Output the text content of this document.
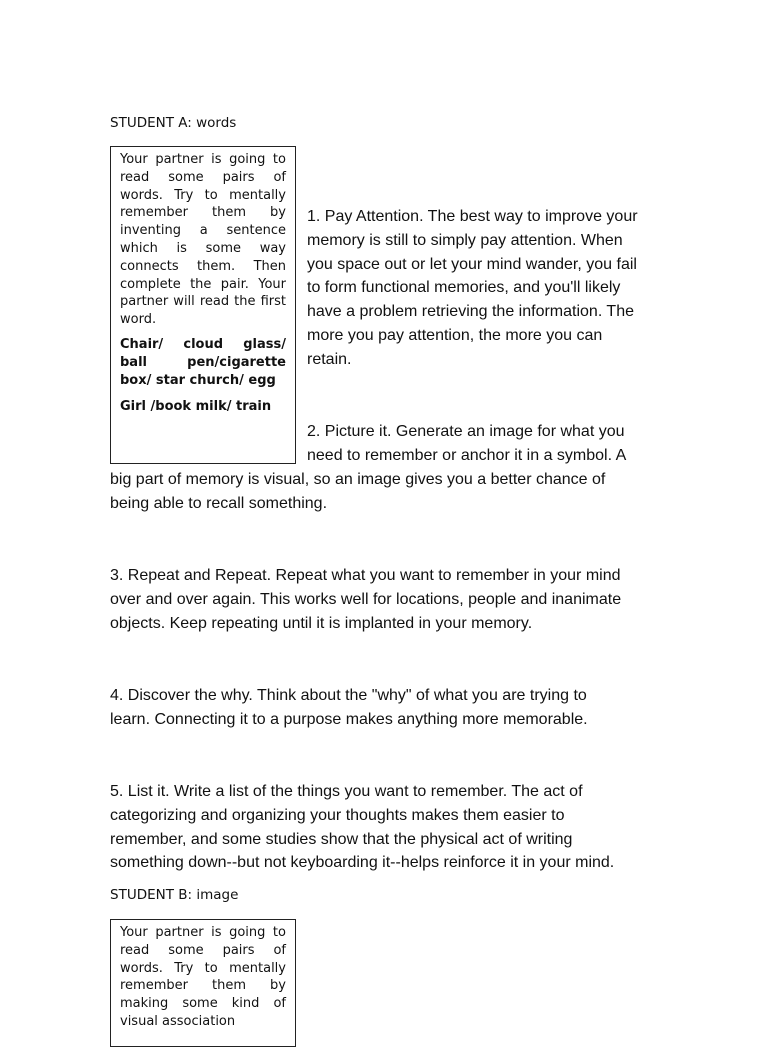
STUDENT A: words

Your partner is going to read some pairs of words. Try to mentally remember them by inventing a sentence which is some way connects them. Then complete the pair. Your partner will read the first word.

Chair/ cloud glass/ ball pen/cigarette box/ star church/ egg

Girl /book milk/ train

1. Pay Attention. The best way to improve your
memory is still to simply pay attention. When
you space out or let your mind wander, you fail
to form functional memories, and you'll likely
have a problem retrieving the information. The
more you pay attention, the more you can
retain.
2. Picture it. Generate an image for what you
need to remember or anchor it in a symbol. A
big part of memory is visual, so an image gives you a better chance of
being able to recall something.
3. Repeat and Repeat. Repeat what you want to remember in your mind
over and over again. This works well for locations, people and inanimate
objects. Keep repeating until it is implanted in your memory.
4. Discover the why. Think about the "why" of what you are trying to
learn. Connecting it to a purpose makes anything more memorable.
5. List it. Write a list of the things you want to remember. The act of
categorizing and organizing your thoughts makes them easier to
remember, and some studies show that the physical act of writing
something down--but not keyboarding it--helps reinforce it in your mind.
STUDENT B: image

Your partner is going to read some pairs of words. Try to mentally remember them by making some kind of visual association
